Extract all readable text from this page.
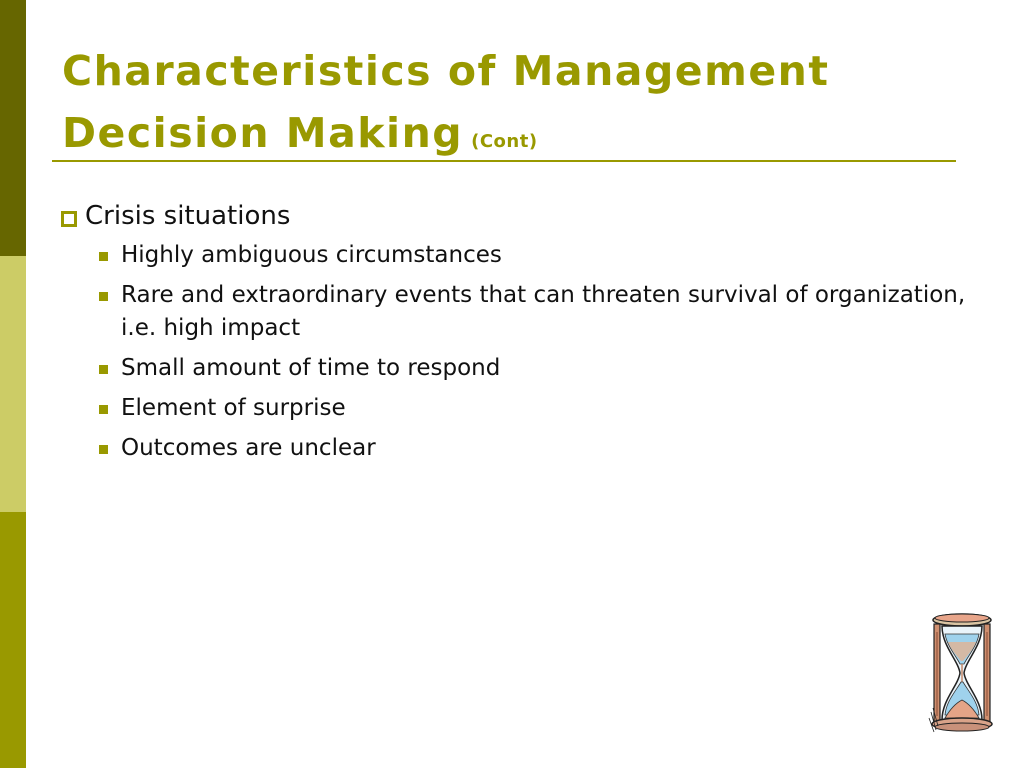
Characteristics of Management
Decision Making (Cont)
Crisis situations
Highly ambiguous circumstances
Rare and extraordinary events that can threaten survival of organization, i.e. high impact
Small amount of time to respond
Element of surprise
Outcomes are unclear
